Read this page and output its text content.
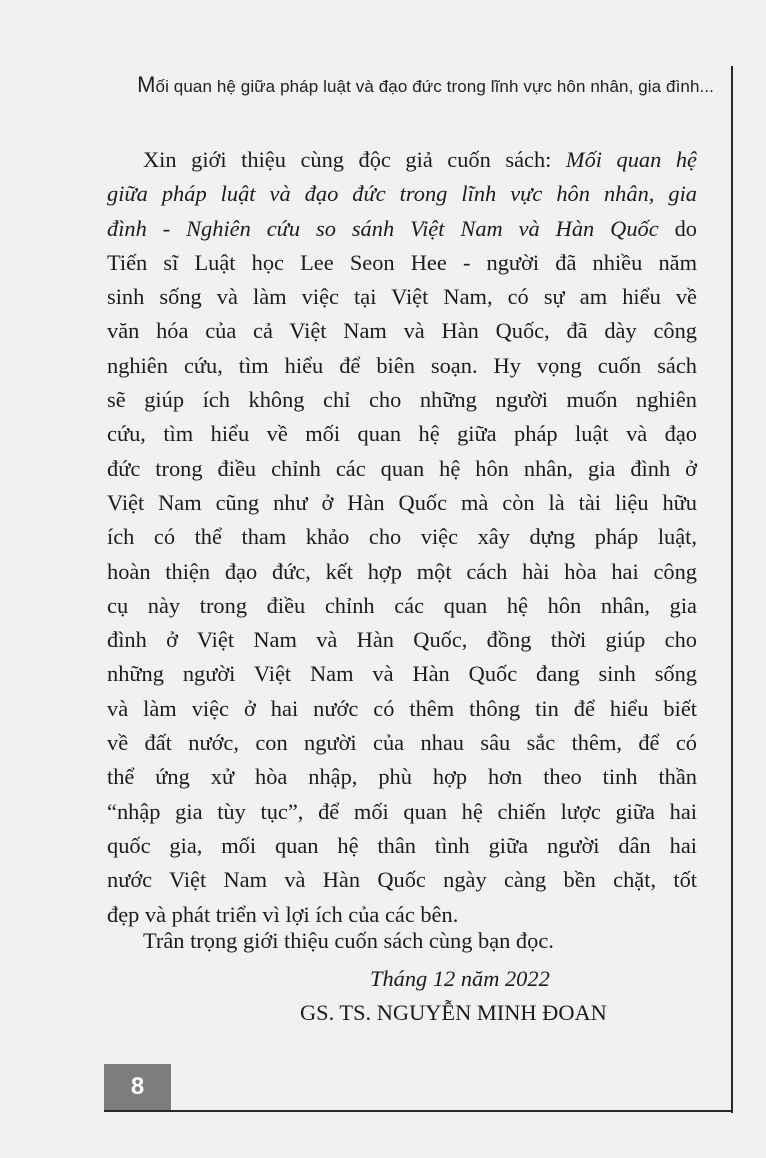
Mối quan hệ giữa pháp luật và đạo đức trong lĩnh vực hôn nhân, gia đình...
Xin giới thiệu cùng độc giả cuốn sách: Mối quan hệ
giữa pháp luật và đạo đức trong lĩnh vực hôn nhân, gia
đình - Nghiên cứu so sánh Việt Nam và Hàn Quốc do
Tiến sĩ Luật học Lee Seon Hee - người đã nhiều năm
sinh sống và làm việc tại Việt Nam, có sự am hiểu về
văn hóa của cả Việt Nam và Hàn Quốc, đã dày công
nghiên cứu, tìm hiểu để biên soạn. Hy vọng cuốn sách
sẽ giúp ích không chỉ cho những người muốn nghiên
cứu, tìm hiểu về mối quan hệ giữa pháp luật và đạo
đức trong điều chỉnh các quan hệ hôn nhân, gia đình ở
Việt Nam cũng như ở Hàn Quốc mà còn là tài liệu hữu
ích có thể tham khảo cho việc xây dựng pháp luật,
hoàn thiện đạo đức, kết hợp một cách hài hòa hai công
cụ này trong điều chỉnh các quan hệ hôn nhân, gia
đình ở Việt Nam và Hàn Quốc, đồng thời giúp cho
những người Việt Nam và Hàn Quốc đang sinh sống
và làm việc ở hai nước có thêm thông tin để hiểu biết
về đất nước, con người của nhau sâu sắc thêm, để có
thể ứng xử hòa nhập, phù hợp hơn theo tinh thần
“nhập gia tùy tục”, để mối quan hệ chiến lược giữa hai
quốc gia, mối quan hệ thân tình giữa người dân hai
nước Việt Nam và Hàn Quốc ngày càng bền chặt, tốt
đẹp và phát triển vì lợi ích của các bên.
Trân trọng giới thiệu cuốn sách cùng bạn đọc.
Tháng 12 năm 2022
GS. TS. NGUYỄN MINH ĐOAN
8
